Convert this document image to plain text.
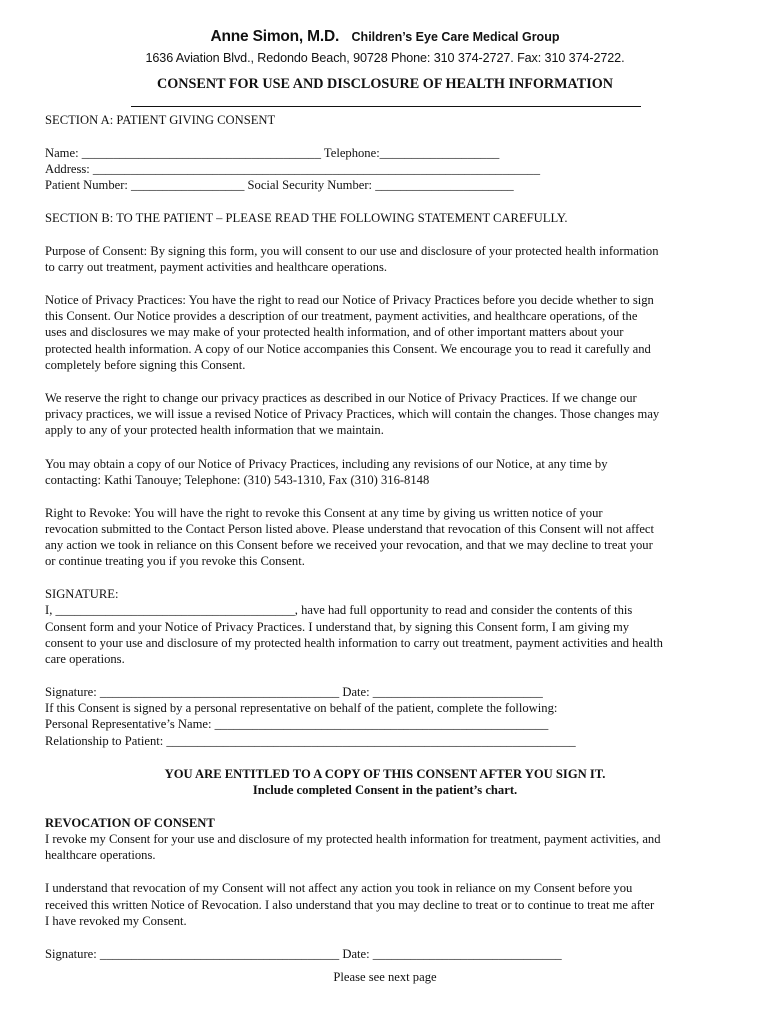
Anne Simon, M.D. Children’s Eye Care Medical Group
1636 Aviation Blvd., Redondo Beach, 90728 Phone: 310 374-2727. Fax: 310 374-2722.
CONSENT FOR USE AND DISCLOSURE OF HEALTH INFORMATION
SECTION A: PATIENT GIVING CONSENT
Name: ______________________________________ Telephone:___________________
Address: _______________________________________________________________________
Patient Number: __________________ Social Security Number: ______________________
SECTION B: TO THE PATIENT – PLEASE READ THE FOLLOWING STATEMENT CAREFULLY.
Purpose of Consent: By signing this form, you will consent to our use and disclosure of your protected health information
to carry out treatment, payment activities and healthcare operations.
Notice of Privacy Practices: You have the right to read our Notice of Privacy Practices before you decide whether to sign
this Consent. Our Notice provides a description of our treatment, payment activities, and healthcare operations, of the
uses and disclosures we may make of your protected health information, and of other important matters about your
protected health information. A copy of our Notice accompanies this Consent. We encourage you to read it carefully and
completely before signing this Consent.
We reserve the right to change our privacy practices as described in our Notice of Privacy Practices. If we change our
privacy practices, we will issue a revised Notice of Privacy Practices, which will contain the changes. Those changes may
apply to any of your protected health information that we maintain.
You may obtain a copy of our Notice of Privacy Practices, including any revisions of our Notice, at any time by
contacting: Kathi Tanouye; Telephone: (310) 543-1310, Fax (310) 316-8148
Right to Revoke: You will have the right to revoke this Consent at any time by giving us written notice of your
revocation submitted to the Contact Person listed above. Please understand that revocation of this Consent will not affect
any action we took in reliance on this Consent before we received your revocation, and that we may decline to treat your
or continue treating you if you revoke this Consent.
SIGNATURE:
I, ______________________________________, have had full opportunity to read and consider the contents of this
Consent form and your Notice of Privacy Practices. I understand that, by signing this Consent form, I am giving my
consent to your use and disclosure of my protected health information to carry out treatment, payment activities and health
care operations.
Signature: ______________________________________ Date: ___________________________
If this Consent is signed by a personal representative on behalf of the patient, complete the following:
Personal Representative’s Name: _____________________________________________________
Relationship to Patient: _________________________________________________________________
YOU ARE ENTITLED TO A COPY OF THIS CONSENT AFTER YOU SIGN IT.
Include completed Consent in the patient’s chart.
REVOCATION OF CONSENT
I revoke my Consent for your use and disclosure of my protected health information for treatment, payment activities, and
healthcare operations.
I understand that revocation of my Consent will not affect any action you took in reliance on my Consent before you
received this written Notice of Revocation. I also understand that you may decline to treat or to continue to treat me after
I have revoked my Consent.
Signature: ______________________________________ Date: ______________________________
Please see next page
